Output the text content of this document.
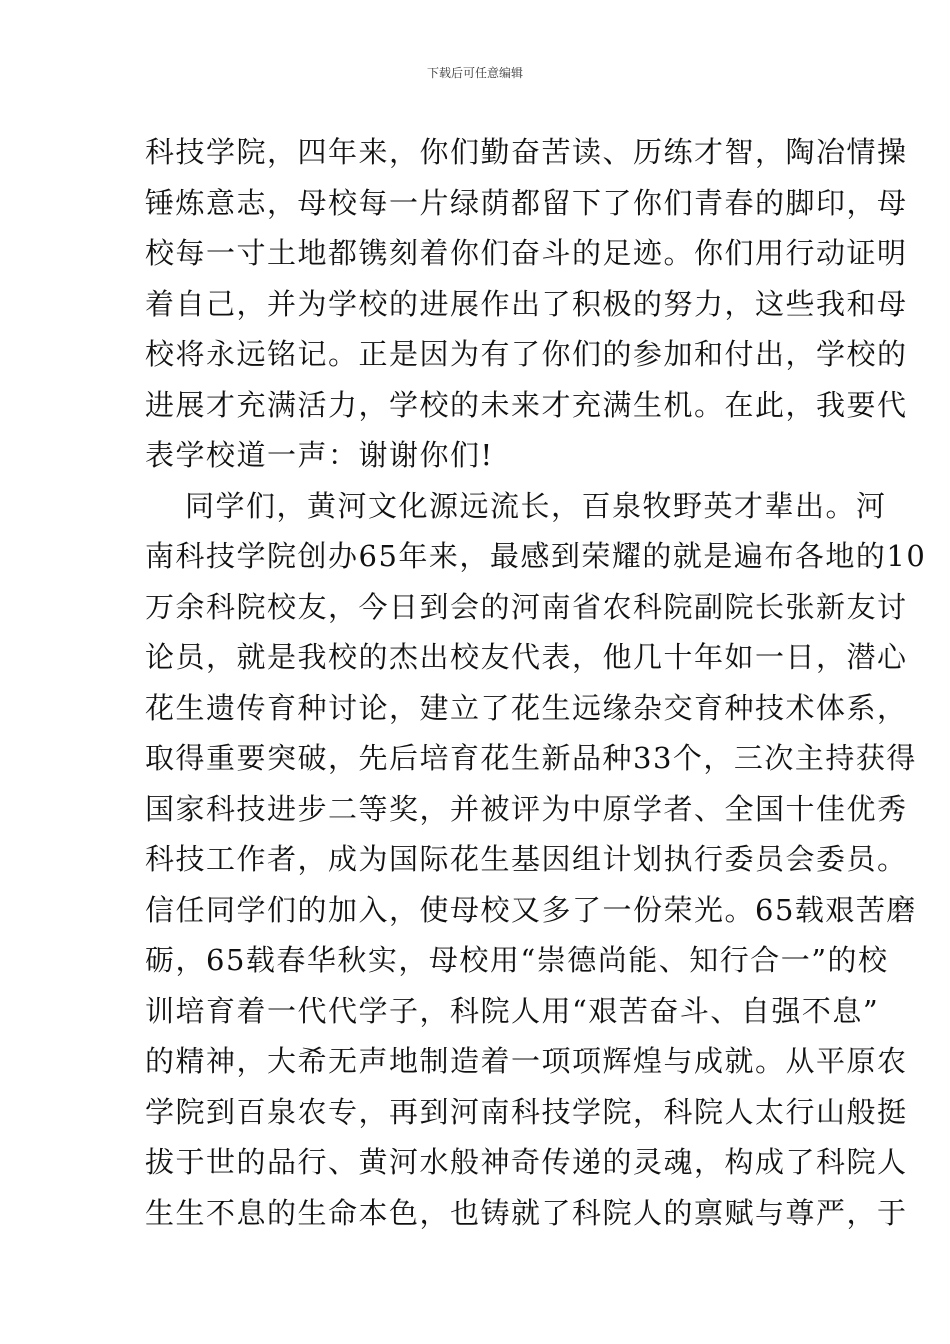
下载后可任意编辑
科技学院，四年来，你们勤奋苦读、历练才智，陶冶情操
锤炼意志，母校每一片绿荫都留下了你们青春的脚印，母
校每一寸土地都镌刻着你们奋斗的足迹。你们用行动证明
着自己，并为学校的进展作出了积极的努力，这些我和母
校将永远铭记。正是因为有了你们的参加和付出，学校的
进展才充满活力，学校的未来才充满生机。在此，我要代
表学校道一声：谢谢你们!
同学们，黄河文化源远流长，百泉牧野英才辈出。河
南科技学院创办65年来，最感到荣耀的就是遍布各地的10
万余科院校友，今日到会的河南省农科院副院长张新友讨
论员，就是我校的杰出校友代表，他几十年如一日，潜心
花生遗传育种讨论，建立了花生远缘杂交育种技术体系，
取得重要突破，先后培育花生新品种33个，三次主持获得
国家科技进步二等奖，并被评为中原学者、全国十佳优秀
科技工作者，成为国际花生基因组计划执行委员会委员。
信任同学们的加入，使母校又多了一份荣光。65载艰苦磨
砺，65载春华秋实，母校用“崇德尚能、知行合一”的校
训培育着一代代学子，科院人用“艰苦奋斗、自强不息”
的精神，大希无声地制造着一项项辉煌与成就。从平原农
学院到百泉农专，再到河南科技学院，科院人太行山般挺
拔于世的品行、黄河水般神奇传递的灵魂，构成了科院人
生生不息的生命本色，也铸就了科院人的禀赋与尊严，于
